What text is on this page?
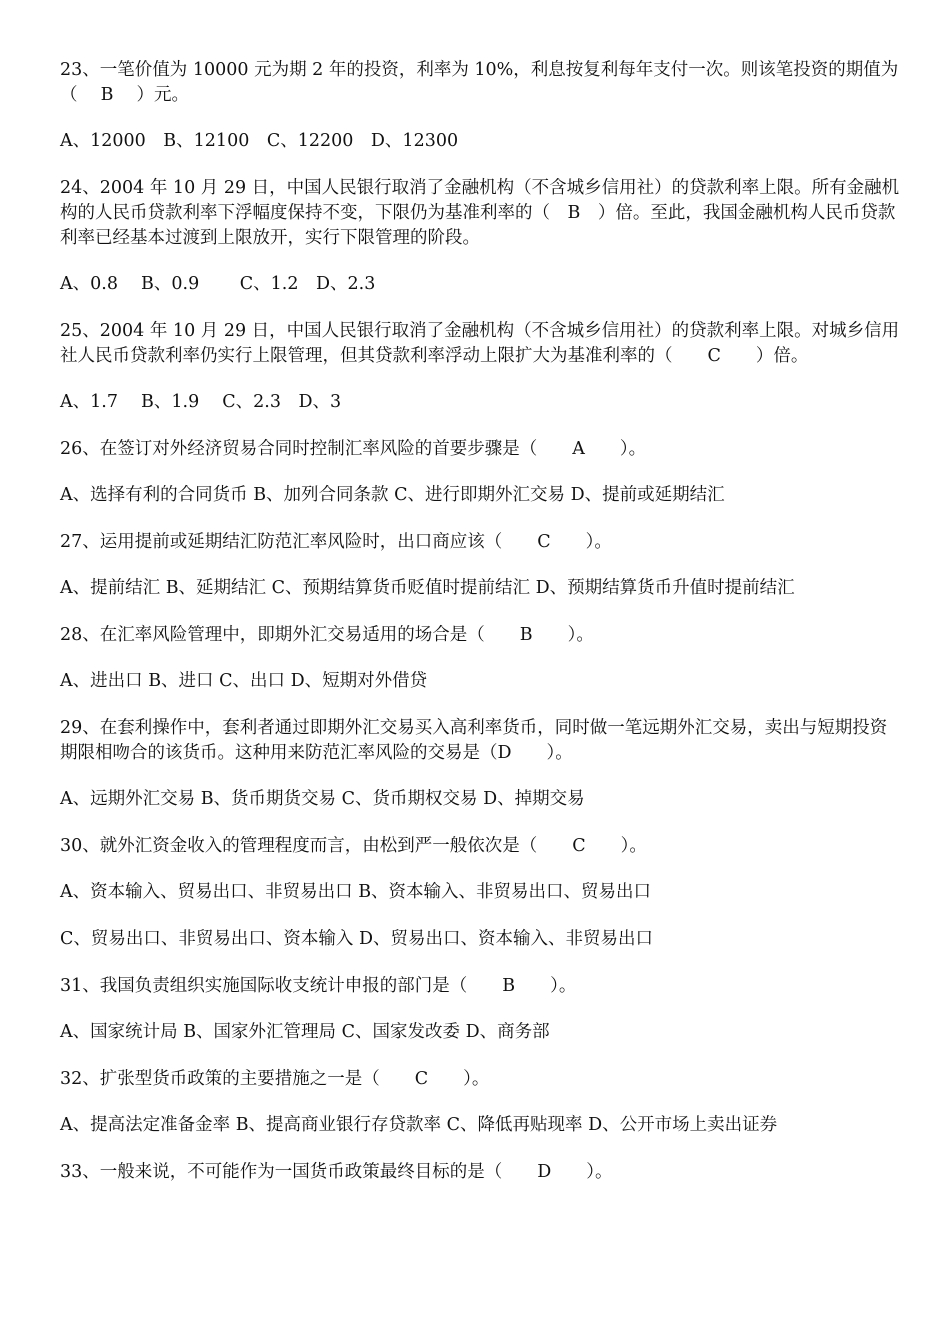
23、一笔价值为 10000 元为期 2 年的投资，利率为 10%，利息按复利每年支付一次。则该笔投资的期值为（　 B　 ）元。

A、12000　B、12100　C、12200　D、12300

24、2004 年 10 月 29 日，中国人民银行取消了金融机构（不含城乡信用社）的贷款利率上限。所有金融机构的人民币贷款利率下浮幅度保持不变，下限仍为基准利率的（　B　）倍。至此，我国金融机构人民币贷款利率已经基本过渡到上限放开，实行下限管理的阶段。

A、0.8　 B、0.9　　 C、1.2　D、2.3

25、2004 年 10 月 29 日，中国人民银行取消了金融机构（不含城乡信用社）的贷款利率上限。对城乡信用社人民币贷款利率仍实行上限管理，但其贷款利率浮动上限扩大为基准利率的（　　C　　）倍。

A、1.7　 B、1.9　 C、2.3　D、3

26、在签订对外经济贸易合同时控制汇率风险的首要步骤是（　　A　　）。

A、选择有利的合同货币 B、加列合同条款 C、进行即期外汇交易 D、提前或延期结汇

27、运用提前或延期结汇防范汇率风险时，出口商应该（　　C　　）。

A、提前结汇 B、延期结汇 C、预期结算货币贬值时提前结汇 D、预期结算货币升值时提前结汇

28、在汇率风险管理中，即期外汇交易适用的场合是（　　B　　）。

A、进出口 B、进口 C、出口 D、短期对外借贷

29、在套利操作中，套利者通过即期外汇交易买入高利率货币，同时做一笔远期外汇交易，卖出与短期投资期限相吻合的该货币。这种用来防范汇率风险的交易是（D　　）。

A、远期外汇交易 B、货币期货交易 C、货币期权交易 D、掉期交易

30、就外汇资金收入的管理程度而言，由松到严一般依次是（　　C　　）。

A、资本输入、贸易出口、非贸易出口 B、资本输入、非贸易出口、贸易出口

C、贸易出口、非贸易出口、资本输入 D、贸易出口、资本输入、非贸易出口

31、我国负责组织实施国际收支统计申报的部门是（　　B　　）。

A、国家统计局 B、国家外汇管理局 C、国家发改委 D、商务部

32、扩张型货币政策的主要措施之一是（　　C　　）。

A、提高法定准备金率 B、提高商业银行存贷款率 C、降低再贴现率 D、公开市场上卖出证券

33、一般来说，不可能作为一国货币政策最终目标的是（　　D　　）。
